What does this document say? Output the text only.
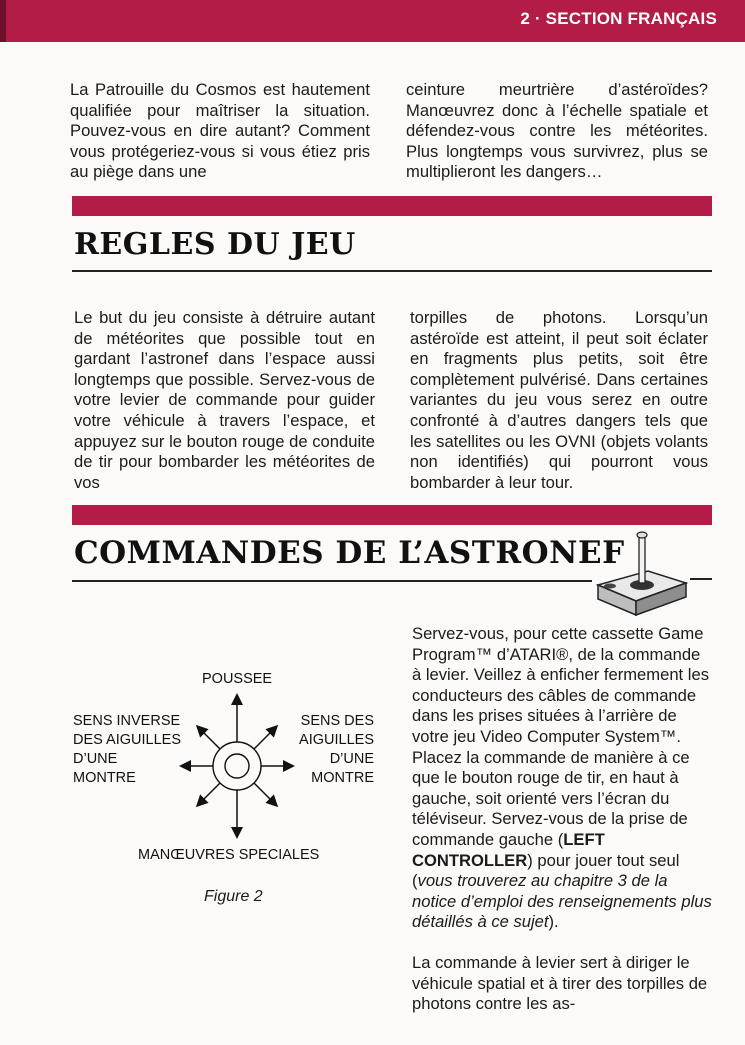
2 · SECTION FRANÇAIS

La Patrouille du Cosmos est hautement qualifiée pour maîtriser la situation. Pouvez-vous en dire autant? Comment vous protégeriez-vous si vous étiez pris au piège dans une

ceinture meurtrière d’astéroïdes? Manœuvrez donc à l’échelle spatiale et défendez-vous contre les météorites. Plus longtemps vous survivrez, plus se multiplieront les dangers…

REGLES DU JEU

Le but du jeu consiste à détruire autant de météorites que possible tout en gardant l’astronef dans l’espace aussi longtemps que possible. Servez-vous de votre levier de commande pour guider votre véhicule à travers l’espace, et appuyez sur le bouton rouge de conduite de tir pour bombarder les météorites de vos

torpilles de photons. Lorsqu’un astéroïde est atteint, il peut soit éclater en fragments plus petits, soit être complètement pulvérisé. Dans certaines variantes du jeu vous serez en outre confronté à d’autres dangers tels que les satellites ou les OVNI (objets volants non identifiés) qui pourront vous bombarder à leur tour.

COMMANDES DE L’ASTRONEF
POUSSEE
SENS INVERSE
DES AIGUILLES
D’UNE
MONTRE
SENS DES
AIGUILLES
D’UNE
MONTRE
MANŒUVRES SPECIALES
Figure 2

Servez-vous, pour cette cassette Game Program™ d’ATARI®, de la commande à levier. Veillez à enficher fermement les conducteurs des câbles de commande dans les prises situées à l’arrière de votre jeu Video Computer System™. Placez la commande de manière à ce que le bouton rouge de tir, en haut à gauche, soit orienté vers l’écran du téléviseur. Servez-vous de la prise de commande gauche (LEFT CONTROLLER) pour jouer tout seul (vous trouverez au chapitre 3 de la notice d’emploi des renseignements plus détaillés à ce sujet).

La commande à levier sert à diriger le véhicule spatial et à tirer des torpilles de photons contre les as-
